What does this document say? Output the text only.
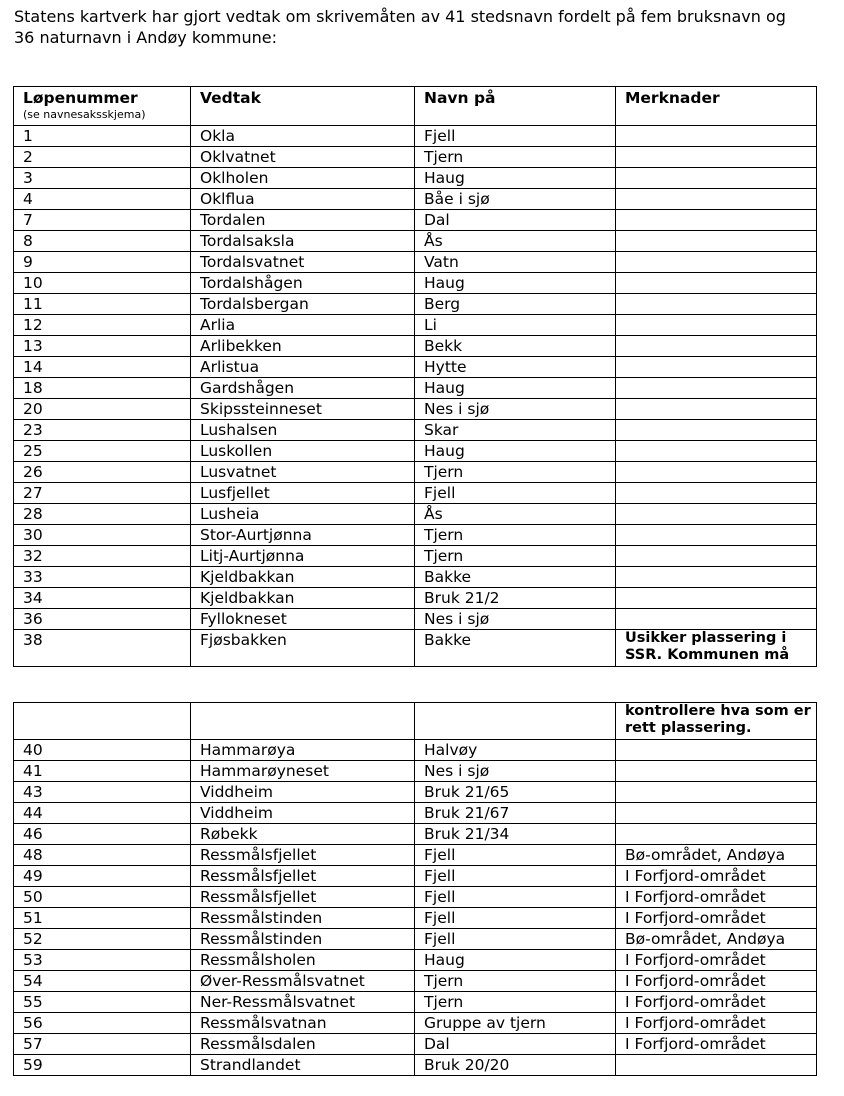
Statens kartverk har gjort vedtak om skrivemåten av 41 stedsnavn fordelt på fem bruksnavn og
36 naturnavn i Andøy kommune:
Løpenummer
(se navnesaksskjema)	Vedtak	Navn på	Merknader

1	Okla	Fjell	
2	Oklvatnet	Tjern	
3	Oklholen	Haug	
4	Oklflua	Båe i sjø	
7	Tordalen	Dal	
8	Tordalsaksla	Ås	
9	Tordalsvatnet	Vatn	
10	Tordalshågen	Haug	
11	Tordalsbergan	Berg	
12	Arlia	Li	
13	Arlibekken	Bekk	
14	Arlistua	Hytte	
18	Gardshågen	Haug	
20	Skipssteinneset	Nes i sjø	
23	Lushalsen	Skar	
25	Luskollen	Haug	
26	Lusvatnet	Tjern	
27	Lusfjellet	Fjell	
28	Lusheia	Ås	
30	Stor-Aurtjønna	Tjern	
32	Litj-Aurtjønna	Tjern	
33	Kjeldbakkan	Bakke	
34	Kjeldbakkan	Bruk 21/2	
36	Fyllokneset	Nes i sjø	
38	Fjøsbakken	Bakke	Usikker plassering i SSR. Kommunen må

			kontrollere hva som er rett plassering.

40	Hammarøya	Halvøy	
41	Hammarøyneset	Nes i sjø	
43	Viddheim	Bruk 21/65	
44	Viddheim	Bruk 21/67	
46	Røbekk	Bruk 21/34	
48	Ressmålsfjellet	Fjell	Bø-området, Andøya
49	Ressmålsfjellet	Fjell	I Forfjord-området
50	Ressmålsfjellet	Fjell	I Forfjord-området
51	Ressmålstinden	Fjell	I Forfjord-området
52	Ressmålstinden	Fjell	Bø-området, Andøya
53	Ressmålsholen	Haug	I Forfjord-området
54	Øver-Ressmålsvatnet	Tjern	I Forfjord-området
55	Ner-Ressmålsvatnet	Tjern	I Forfjord-området
56	Ressmålsvatnan	Gruppe av tjern	I Forfjord-området
57	Ressmålsdalen	Dal	I Forfjord-området
59	Strandlandet	Bruk 20/20	
